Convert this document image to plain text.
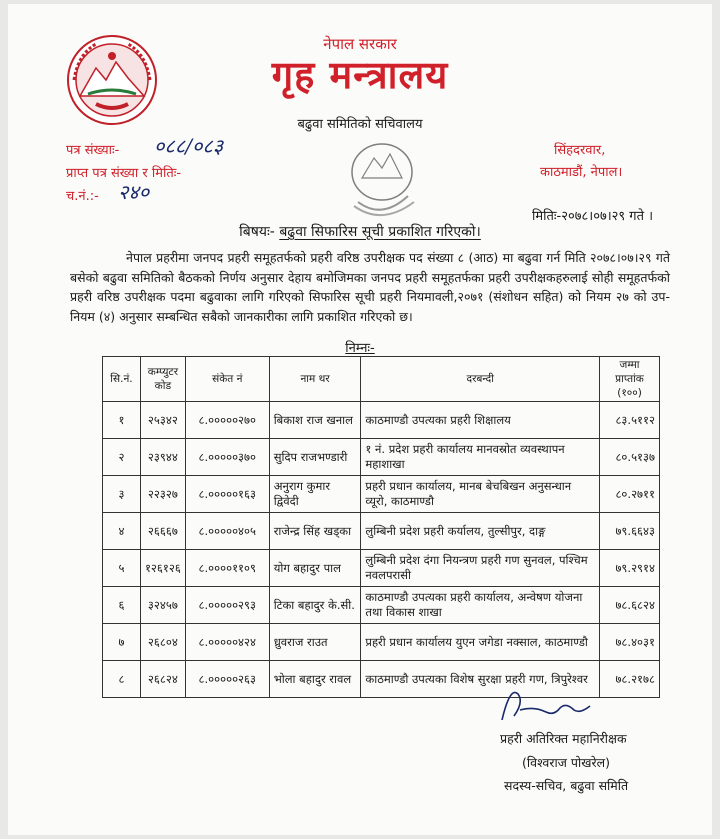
नेपाल सरकार
गृह मन्त्रालय
बढुवा समितिको सचिवालय
पत्र संख्याः- ०८८/०८३
प्राप्त पत्र संख्या र मितिः-
च.नं.:- २४०
सिंहदरवार,
काठमाडौं, नेपाल।
मितिः-२०७८।०७।२९ गते ।
बिषयः- बढुवा सिफारिस सूची प्रकाशित गरिएको।
नेपाल प्रहरीमा जनपद प्रहरी समूहतर्फको प्रहरी वरिष्ठ उपरीक्षक पद संख्या ८ (आठ) मा बढुवा गर्न मिति २०७८।०७।२९ गते बसेको बढुवा समितिको बैठकको निर्णय अनुसार देहाय बमोजिमका जनपद प्रहरी समूहतर्फका प्रहरी उपरीक्षकहरुलाई सोही समूहतर्फको प्रहरी वरिष्ठ उपरीक्षक पदमा बढुवाका लागि गरिएको सिफारिस सूची प्रहरी नियमावली,२०७१ (संशोधन सहित) को नियम २७ को उप-नियम (४) अनुसार सम्बन्धित सबैको जानकारीका लागि प्रकाशित गरिएको छ।
निम्नः-
सि.नं.	कम्प्युटर कोड	संकेत नं	नाम थर	दरबन्दी	जम्मा प्राप्तांक (१००)
१	२५३४२	८.०००००२७०	बिकाश राज खनाल	काठमाण्डौ उपत्यका प्रहरी शिक्षालय	८३.५११२
२	२३९४४	८.०००००३७०	सुदिप राजभण्डारी	१ नं. प्रदेश प्रहरी कार्यालय मानवस्रोत व्यवस्थापन महाशाखा	८०.५१३७
३	२२३२७	८.०००००१६३	अनुराग कुमार द्विवेदी	प्रहरी प्रधान कार्यालय, मानब बेचबिखन अनुसन्धान व्यूरो, काठमाण्डौ	८०.२७११
४	२६६६७	८.०००००४०५	राजेन्द्र सिंह खड्का	लुम्बिनी प्रदेश प्रहरी कर्यालय, तुल्सीपुर, दाङ्ग	७९.६६४३
५	१२६१२६	८.००००११०९	योग बहादुर पाल	लुम्बिनी प्रदेश दंगा नियन्त्रण प्रहरी गण सुनवल, पश्चिम नवलपरासी	७९.२९१४
६	३२४५७	८.०००००२९३	टिका बहादुर के.सी.	काठमाण्डौ उपत्यका प्रहरी कार्यालय, अन्वेषण योजना तथा विकास शाखा	७८.६८२४
७	२६८०४	८.०००००४२४	ध्रुवराज राउत	प्रहरी प्रधान कार्यालय युएन जगेडा नक्साल, काठमाण्डौ	७८.४०३१
८	२६८२४	८.०००००२६३	भोला बहादुर रावल	काठमाण्डौ उपत्यका विशेष सुरक्षा प्रहरी गण, त्रिपुरेश्वर	७८.२१७८
प्रहरी अतिरिक्त महानिरीक्षक
(विश्वराज पोखरेल)
सदस्य-सचिव, बढुवा समिति
